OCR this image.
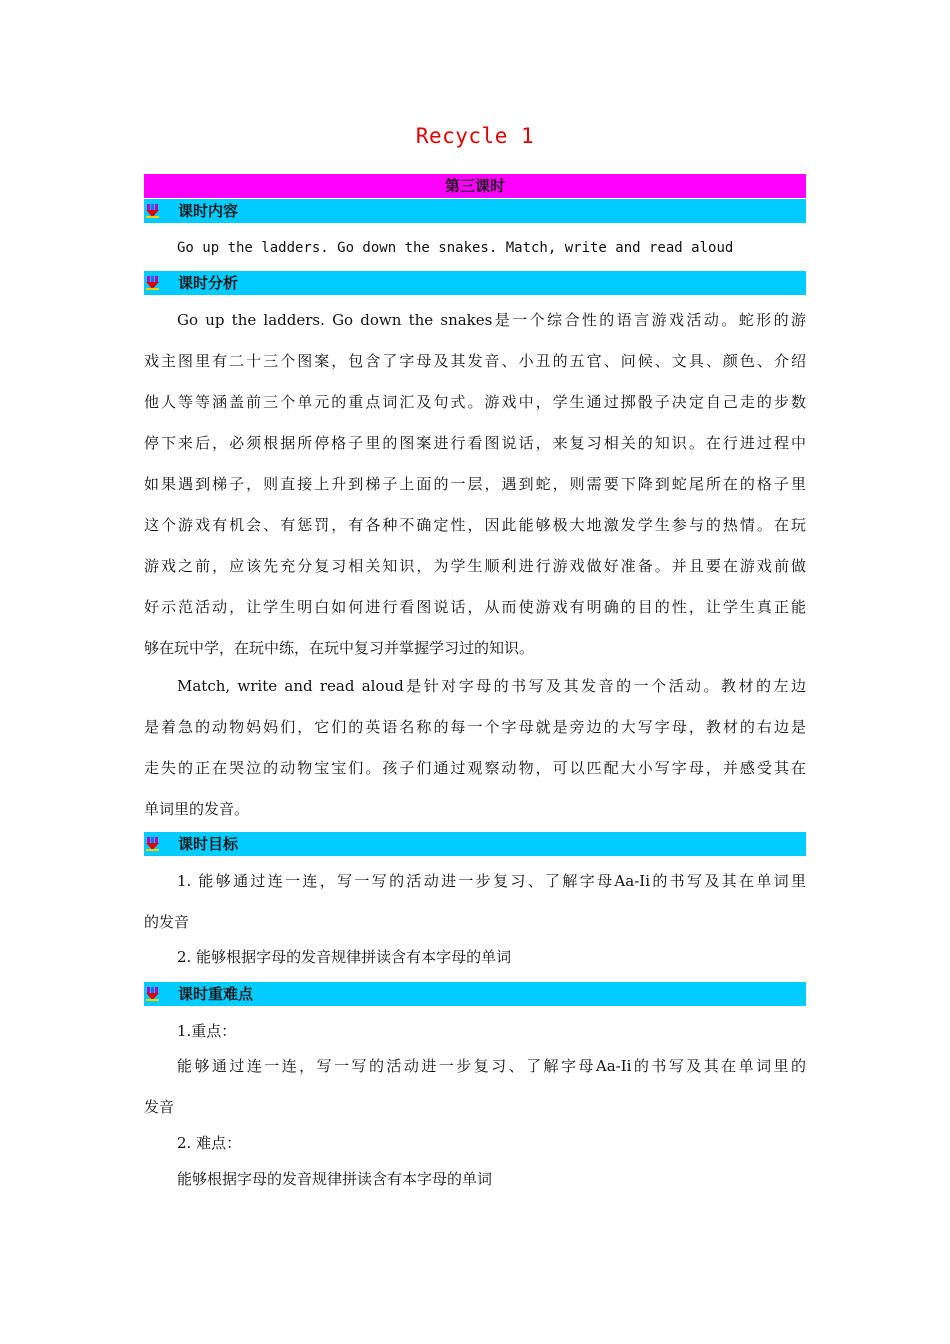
Recycle 1
第三课时
课时内容
Go up the ladders. Go down the snakes. Match, write and read aloud
课时分析
Go up the ladders. Go down the snakes是一个综合性的语言游戏活动。蛇形的游
戏主图里有二十三个图案，包含了字母及其发音、小丑的五官、问候、文具、颜色、介绍
他人等等涵盖前三个单元的重点词汇及句式。游戏中，学生通过掷骰子决定自己走的步数
停下来后，必须根据所停格子里的图案进行看图说话，来复习相关的知识。在行进过程中
如果遇到梯子，则直接上升到梯子上面的一层，遇到蛇，则需要下降到蛇尾所在的格子里
这个游戏有机会、有惩罚，有各种不确定性，因此能够极大地激发学生参与的热情。在玩
游戏之前，应该先充分复习相关知识，为学生顺利进行游戏做好准备。并且要在游戏前做
好示范活动，让学生明白如何进行看图说话，从而使游戏有明确的目的性，让学生真正能
够在玩中学，在玩中练，在玩中复习并掌握学习过的知识。
Match, write and read aloud是针对字母的书写及其发音的一个活动。教材的左边
是着急的动物妈妈们，它们的英语名称的每一个字母就是旁边的大写字母，教材的右边是
走失的正在哭泣的动物宝宝们。孩子们通过观察动物，可以匹配大小写字母，并感受其在
单词里的发音。
课时目标
1. 能够通过连一连，写一写的活动进一步复习、了解字母Aa-Ii的书写及其在单词里
的发音
2. 能够根据字母的发音规律拼读含有本字母的单词
课时重难点
1.重点：
能够通过连一连，写一写的活动进一步复习、了解字母Aa-Ii的书写及其在单词里的
发音
2. 难点：
能够根据字母的发音规律拼读含有本字母的单词
